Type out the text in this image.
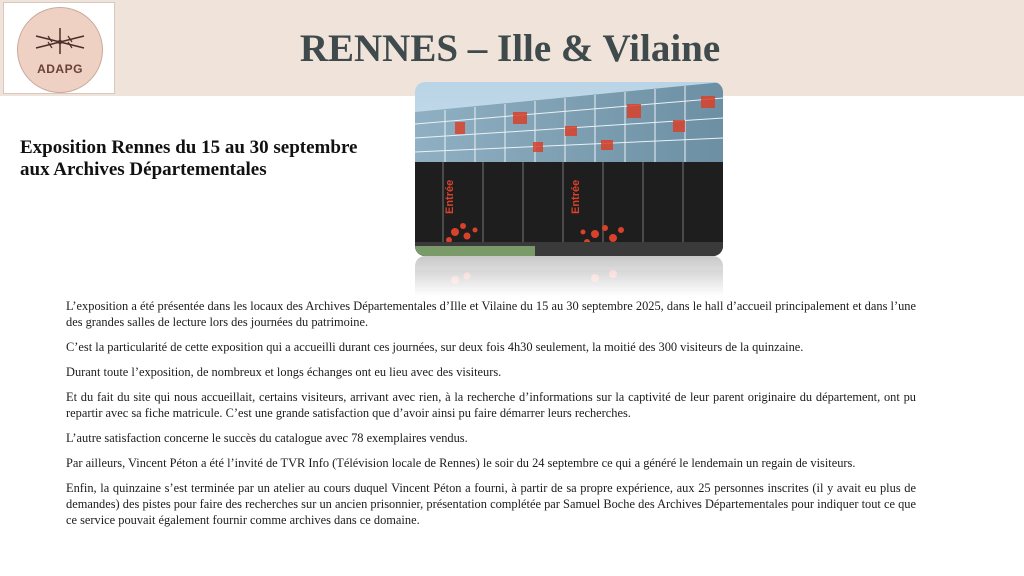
ADAPG	RENNES – Ille & Vilaine
Exposition Rennes du 15 au 30 septembre
aux Archives Départementales
Entrée	Entrée

L’exposition a été présentée dans les locaux des Archives Départementales d’Ille et Vilaine du 15 au 30 septembre 2025, dans le hall d’accueil principalement et dans l’une des grandes salles de lecture lors des journées du patrimoine.

C’est la particularité de cette exposition qui a accueilli durant ces journées, sur deux fois 4h30 seulement, la moitié des 300 visiteurs de la quinzaine.

Durant toute l’exposition, de nombreux et longs échanges ont eu lieu avec des visiteurs.

Et du fait du site qui nous accueillait, certains visiteurs, arrivant avec rien, à la recherche d’informations sur la captivité de leur parent originaire du département, ont pu repartir avec sa fiche matricule. C’est une grande satisfaction que d’avoir ainsi pu faire démarrer leurs recherches.

L’autre satisfaction concerne le succès du catalogue avec 78 exemplaires vendus.

Par ailleurs, Vincent Péton a été l’invité de TVR Info (Télévision locale de Rennes) le soir du 24 septembre ce qui a généré le lendemain un regain de visiteurs.

Enfin, la quinzaine s’est terminée par un atelier au cours duquel Vincent Péton a fourni, à partir de sa propre expérience, aux 25 personnes inscrites (il y avait eu plus de demandes) des pistes pour faire des recherches sur un ancien prisonnier, présentation complétée par Samuel Boche des Archives Départementales pour indiquer tout ce que ce service pouvait également fournir comme archives dans ce domaine.
